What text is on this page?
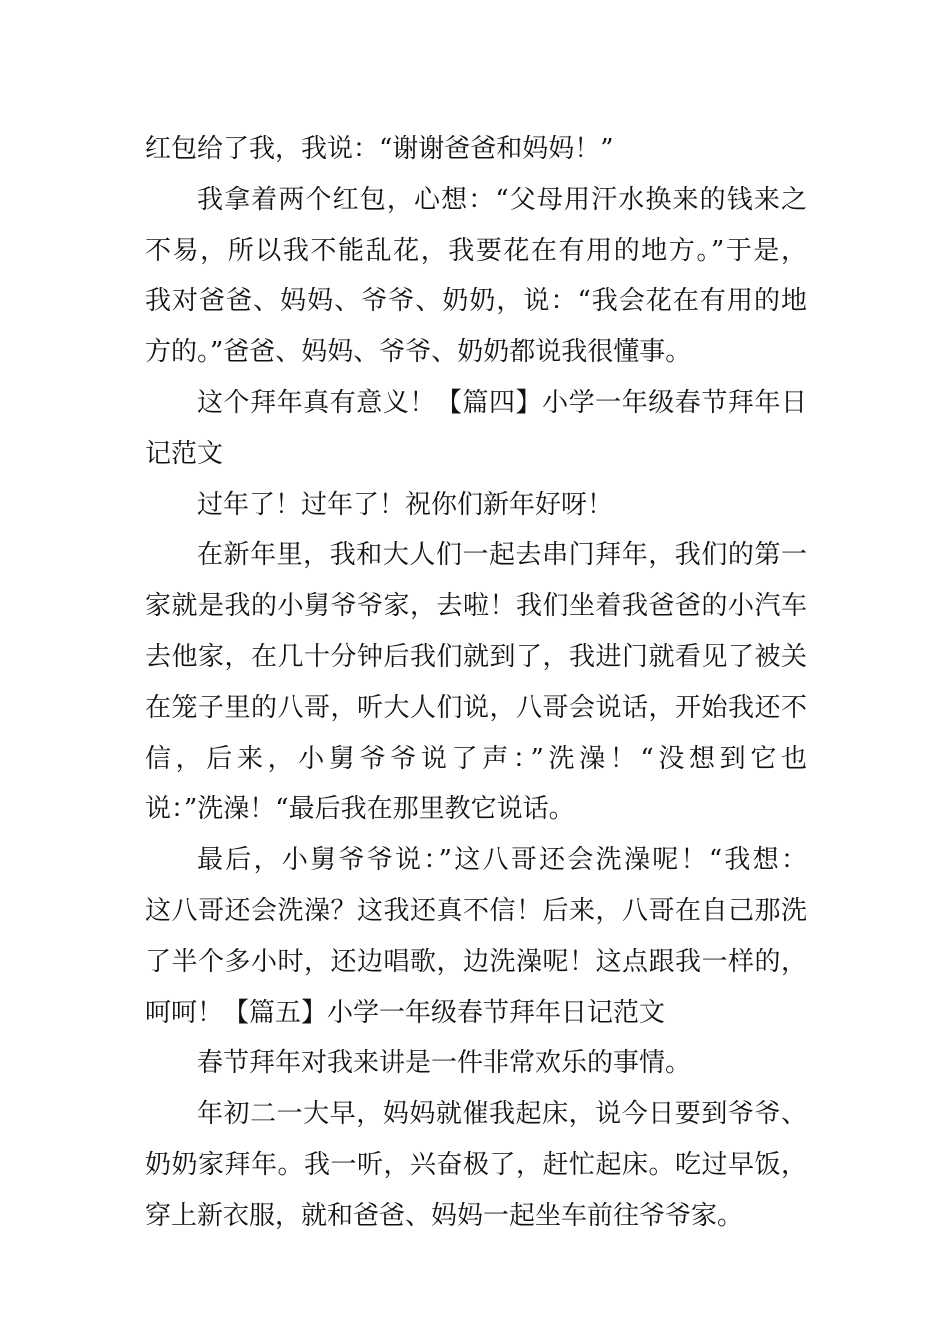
红包给了我，我说：“谢谢爸爸和妈妈！”
我拿着两个红包，心想：“父母用汗水换来的钱来之
不易，所以我不能乱花，我要花在有用的地方。”于是，
我对爸爸、妈妈、爷爷、奶奶，说：“我会花在有用的地
方的。”爸爸、妈妈、爷爷、奶奶都说我很懂事。
这个拜年真有意义！【篇四】小学一年级春节拜年日
记范文
过年了！过年了！祝你们新年好呀！
在新年里，我和大人们一起去串门拜年，我们的第一
家就是我的小舅爷爷家，去啦！我们坐着我爸爸的小汽车
去他家，在几十分钟后我们就到了，我进门就看见了被关
在笼子里的八哥，听大人们说，八哥会说话，开始我还不
信，后来，小舅爷爷说了声：”洗澡！“没想到它也
说：”洗澡！“最后我在那里教它说话。
最后，小舅爷爷说：”这八哥还会洗澡呢！“我想：
这八哥还会洗澡？这我还真不信！后来，八哥在自己那洗
了半个多小时，还边唱歌，边洗澡呢！这点跟我一样的，
呵呵！【篇五】小学一年级春节拜年日记范文
春节拜年对我来讲是一件非常欢乐的事情。
年初二一大早，妈妈就催我起床，说今日要到爷爷、
奶奶家拜年。我一听，兴奋极了，赶忙起床。吃过早饭，
穿上新衣服，就和爸爸、妈妈一起坐车前往爷爷家。
